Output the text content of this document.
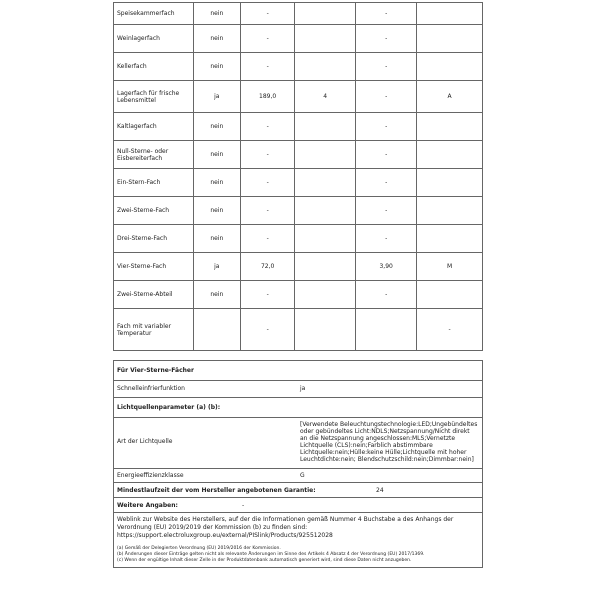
Speisekammerfach	nein	-		-	
Weinlagerfach	nein	-		-	
Kellerfach	nein	-		-	
Lagerfach für frische Lebensmittel	ja	189,0	4	-	A
Kaltlagerfach	nein	-		-	
Null-Sterne- oder Eisbereiterfach	nein	-		-	
Ein-Stern-Fach	nein	-		-	
Zwei-Sterne-Fach	nein	-		-	
Drei-Sterne-Fach	nein	-		-	
Vier-Sterne-Fach	ja	72,0		3,90	M
Zwei-Sterne-Abteil	nein	-		-	
Fach mit variabler Temperatur		-			-
Für Vier-Sterne-Fächer
Schnelleinfrierfunktion	ja
Lichtquellenparameter (a) (b):
Art der Lichtquelle
[Verwendete Beleuchtungstechnologie:LED;Ungebündeltes oder gebündeltes Licht:NDLS;Netzspannung/Nicht direkt an die Netzspannung angeschlossen:MLS;Vernetzte Lichtquelle (CLS):nein;Farblich abstimmbare Lichtquelle:nein;Hülle:keine Hülle;Lichtquelle mit hoher Leuchtdichte:nein; Blendschutzschild:nein;Dimmbar:nein]
Energieeffizienzklasse	G
Mindestlaufzeit der vom Hersteller angebotenen Garantie:	24
Weitere Angaben:	-
Weblink zur Website des Herstellers, auf der die Informationen gemäß Nummer 4 Buchstabe a des Anhangs der Verordnung (EU) 2019/2019 der Kommission (b) zu finden sind: https://support.electroluxgroup.eu/external/PISlink/Products/925512028
(a) Gemäß der Delegierten Verordnung (EU) 2019/2016 der Kommission.
(b) Änderungen dieser Einträge gelten nicht als relevante Änderungen im Sinne des Artikels 4 Absatz 4 der Verordnung (EU) 2017/1369.
(c) Wenn der engültige Inhalt dieser Zelle in der Produktdatenbank automatisch generiert wird, sind diese Daten nicht anzugeben.
